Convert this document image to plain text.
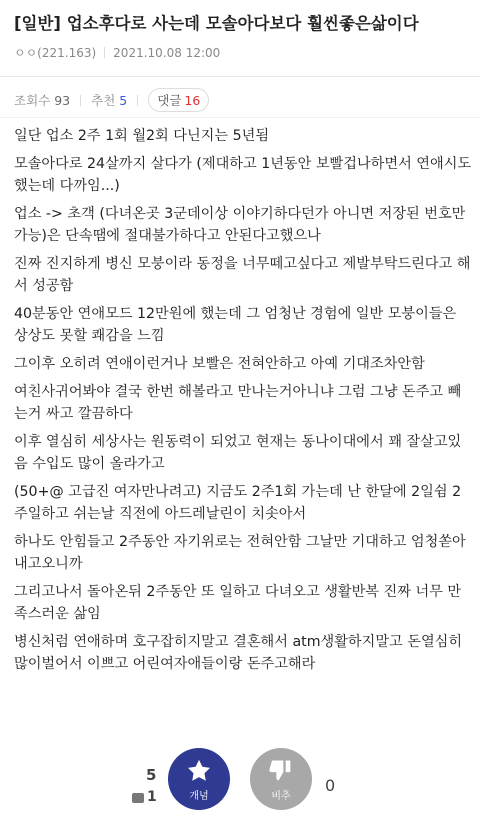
[일반] 업소후다로 사는데 모솔아다보다 훨씬좋은삶이다
ㅇㅇ(221.163) 2021.10.08 12:00
조회수 93 추천 5	댓글 16

일단 업소 2주 1회 월2회 다닌지는 5년됨

모솔아다로 24살까지 살다가 (제대하고 1년동안 보빨겁나하면서 연애시도했는데 다까임...)

업소 -> 초객 (다녀온곳 3군데이상 이야기하다던가 아니면 저장된 번호만가능)은 단속땜에 절대불가하다고 안된다고했으나

진짜 진지하게 병신 모붕이라 동정을 너무떼고싶다고 제발부탁드린다고 해서 성공함

40분동안 연애모드 12만원에 했는데 그 엄청난 경험에 일반 모붕이들은 상상도 못할 쾌감을 느낌

그이후 오히려 연애이런거나 보빨은 전혀안하고 아예 기대조차안함

여친사귀어봐야 결국 한번 해볼라고 만나는거아니냐 그럼 그냥 돈주고 빼는거 싸고 깔끔하다

이후 열심히 세상사는 원동력이 되었고 현재는 동나이대에서 꽤 잘살고있음 수입도 많이 올라가고

(50+@ 고급진 여자만나려고) 지금도 2주1회 가는데 난 한달에 2일쉼 2주일하고 쉬는날 직전에 아드레날린이 치솟아서

하나도 안힘들고 2주동안 자기위로는 전혀안함 그날만 기대하고 엄청쏟아내고오니까

그리고나서 돌아온뒤 2주동안 또 일하고 다녀오고 생활반복 진짜 너무 만족스러운 삶임

병신처럼 연애하며 호구잡히지말고 결혼해서 atm생활하지말고 돈열심히 많이벌어서 이쁘고 어린여자애들이랑 돈주고해라

5
1	개념	비추
0
